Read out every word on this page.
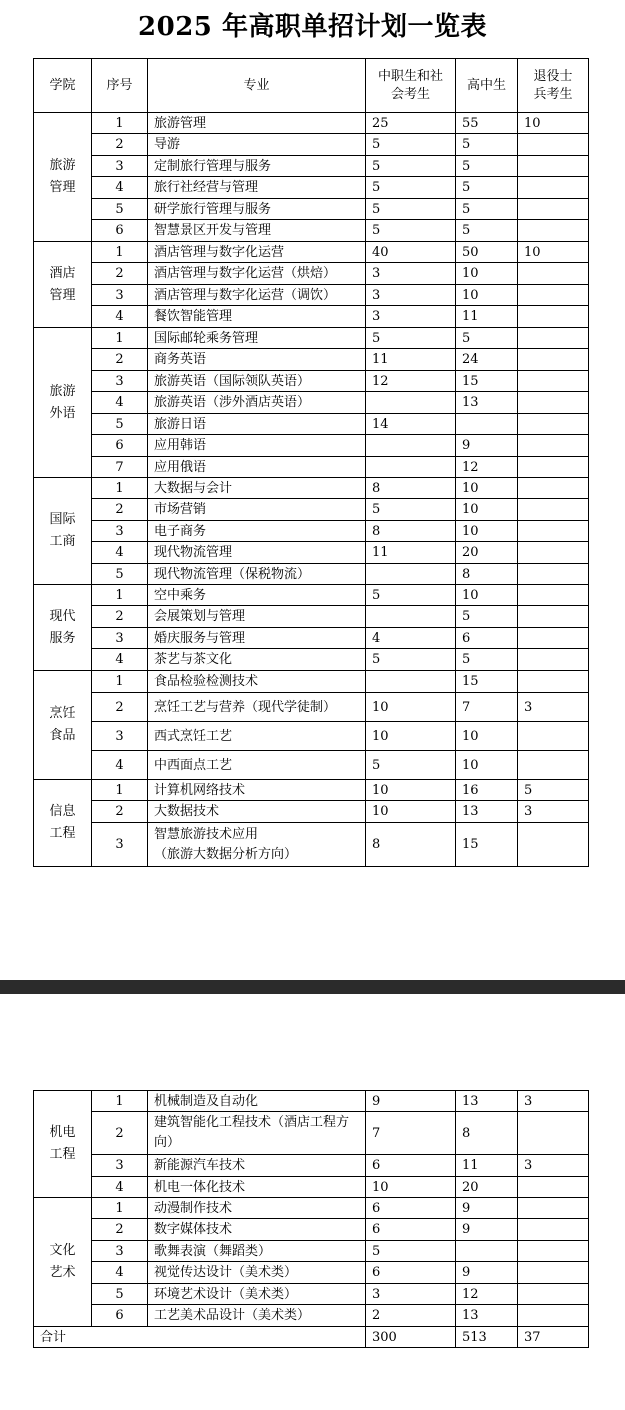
2025 年高职单招计划一览表
学院	序号	专业	中职生和社会考生	高中生	退役士兵考生

旅游
管理	1	旅游管理	25	55	10
	2	导游	5	5	
	3	定制旅行管理与服务	5	5	
	4	旅行社经营与管理	5	5	
	5	研学旅行管理与服务	5	5	
	6	智慧景区开发与管理	5	5	

酒店
管理	1	酒店管理与数字化运营	40	50	10
	2	酒店管理与数字化运营（烘焙）	3	10	
	3	酒店管理与数字化运营（调饮）	3	10	
	4	餐饮智能管理	3	11	

旅游
外语	1	国际邮轮乘务管理	5	5	
	2	商务英语	11	24	
	3	旅游英语（国际领队英语）	12	15	
	4	旅游英语（涉外酒店英语）		13	
	5	旅游日语	14		
	6	应用韩语		9	
	7	应用俄语		12	

国际
工商	1	大数据与会计	8	10	
	2	市场营销	5	10	
	3	电子商务	8	10	
	4	现代物流管理	11	20	
	5	现代物流管理（保税物流）		8	

现代
服务	1	空中乘务	5	10	
	2	会展策划与管理		5	
	3	婚庆服务与管理	4	6	
	4	茶艺与茶文化	5	5	

烹饪
食品	1	食品检验检测技术		15	
	2	烹饪工艺与营养（现代学徒制）	10	7	3
	3	西式烹饪工艺	10	10	
	4	中西面点工艺	5	10	

信息
工程	1	计算机网络技术	10	16	5
	2	大数据技术	10	13	3
	3	智慧旅游技术应用
（旅游大数据分析方向）	8	15	
机电
工程	1	机械制造及自动化	9	13	3
	2	建筑智能化工程技术（酒店工程方向）	7	8	
	3	新能源汽车技术	6	11	3
	4	机电一体化技术	10	20	

文化
艺术	1	动漫制作技术	6	9	
	2	数字媒体技术	6	9	
	3	歌舞表演（舞蹈类）	5		
	4	视觉传达设计（美术类）	6	9	
	5	环境艺术设计（美术类）	3	12	
	6	工艺美术品设计（美术类）	2	13	
合计			300	513	37
